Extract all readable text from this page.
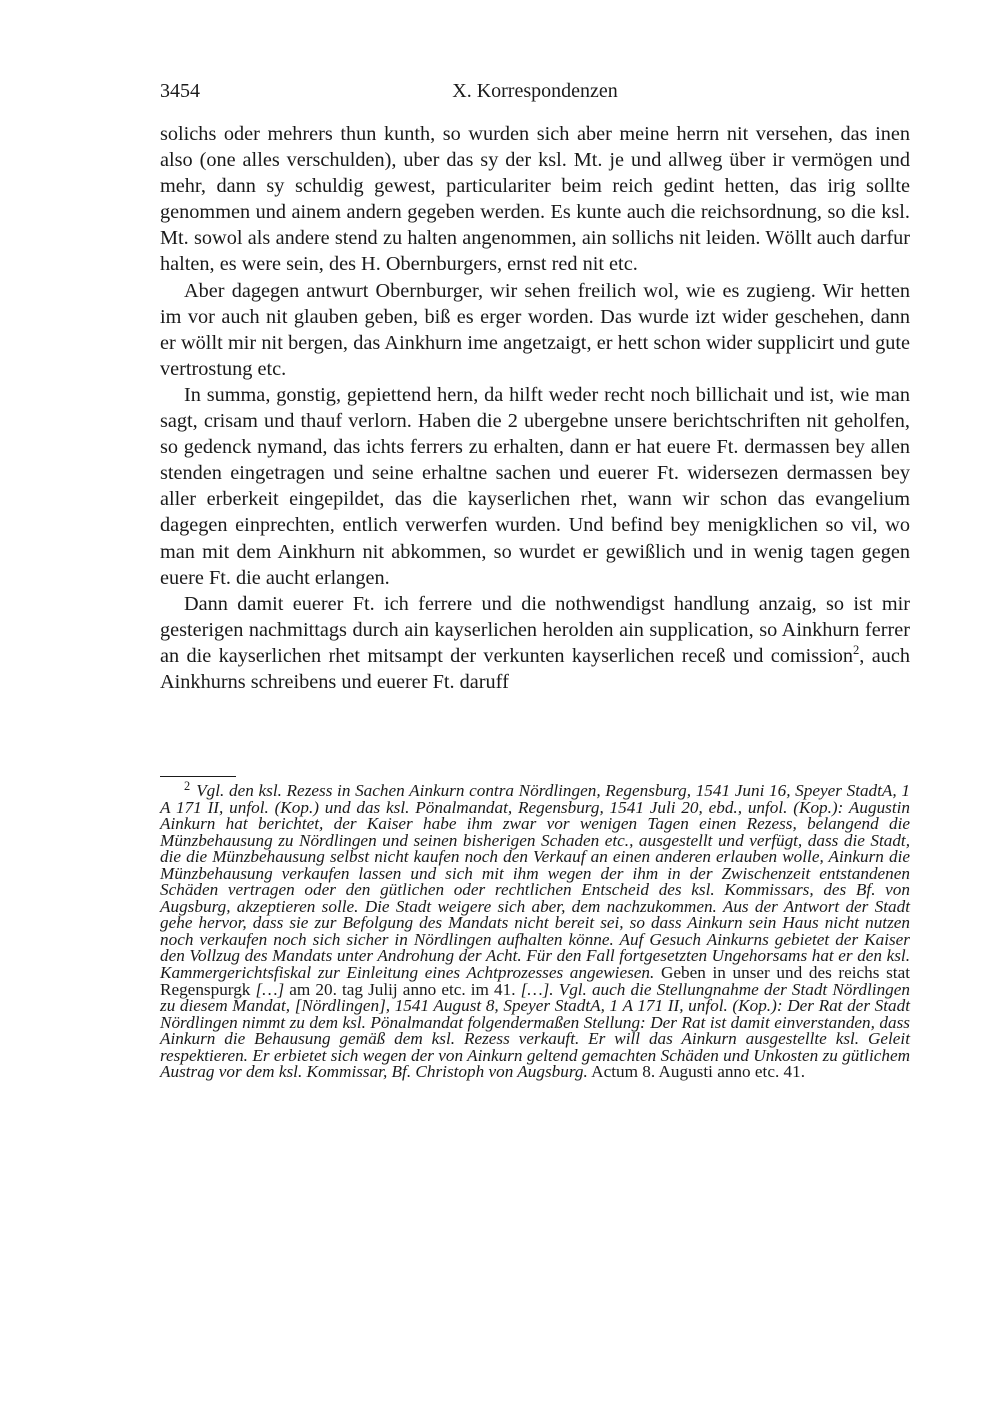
3454	X. Korrespondenzen

solichs oder mehrers thun kunth, so wurden sich aber meine herrn nit versehen, das inen also (one alles verschulden), uber das sy der ksl. Mt. je und allweg über ir vermögen und mehr, dann sy schuldig gewest, particulariter beim reich gedint hetten, das irig sollte genommen und ainem andern gegeben werden. Es kunte auch die reichsordnung, so die ksl. Mt. sowol als andere stend zu halten angenommen, ain sollichs nit leiden. Wöllt auch darfur halten, es were sein, des H. Obernburgers, ernst red nit etc.

Aber dagegen antwurt Obernburger, wir sehen freilich wol, wie es zugieng. Wir hetten im vor auch nit glauben geben, biß es erger worden. Das wurde izt wider geschehen, dann er wöllt mir nit bergen, das Ainkhurn ime angetzaigt, er hett schon wider supplicirt und gute vertrostung etc.

In summa, gonstig, gepiettend hern, da hilft weder recht noch billichait und ist, wie man sagt, crisam und thauf verlorn. Haben die 2 ubergebne unsere berichtschriften nit geholfen, so gedenck nymand, das ichts ferrers zu erhalten, dann er hat euere Ft. dermassen bey allen stenden eingetragen und seine erhaltne sachen und euerer Ft. widersezen dermassen bey aller erberkeit eingepildet, das die kayserlichen rhet, wann wir schon das evangelium dagegen einprechten, entlich verwerfen wurden. Und befind bey menigklichen so vil, wo man mit dem Ainkhurn nit abkommen, so wurdet er gewißlich und in wenig tagen gegen euere Ft. die aucht erlangen.

Dann damit euerer Ft. ich ferrere und die nothwendigst handlung anzaig, so ist mir gesterigen nachmittags durch ain kayserlichen herolden ain supplication, so Ainkhurn ferrer an die kayserlichen rhet mitsampt der verkunten kayserlichen receß und comission$^2$, auch Ainkhurns schreibens und euerer Ft. daruff

$^2$ Vgl. den ksl. Rezess in Sachen Ainkurn contra Nördlingen, Regensburg, 1541 Juni 16, Speyer StadtA, 1 A 171 II, unfol. (Kop.) und das ksl. Pönalmandat, Regensburg, 1541 Juli 20, ebd., unfol. (Kop.): Augustin Ainkurn hat berichtet, der Kaiser habe ihm zwar vor wenigen Tagen einen Rezess, belangend die Münzbehausung zu Nördlingen und seinen bisherigen Schaden etc., ausgestellt und verfügt, dass die Stadt, die die Münzbehausung selbst nicht kaufen noch den Verkauf an einen anderen erlauben wolle, Ainkurn die Münzbehausung verkaufen lassen und sich mit ihm wegen der ihm in der Zwischenzeit entstandenen Schäden vertragen oder den gütlichen oder rechtlichen Entscheid des ksl. Kommissars, des Bf. von Augsburg, akzeptieren solle. Die Stadt weigere sich aber, dem nachzukommen. Aus der Antwort der Stadt gehe hervor, dass sie zur Befolgung des Mandats nicht bereit sei, so dass Ainkurn sein Haus nicht nutzen noch verkaufen noch sich sicher in Nördlingen aufhalten könne. Auf Gesuch Ainkurns gebietet der Kaiser den Vollzug des Mandats unter Androhung der Acht. Für den Fall fortgesetzten Ungehorsams hat er den ksl. Kammergerichtsfiskal zur Einleitung eines Achtprozesses angewiesen. Geben in unser und des reichs stat Regenspurgk […] am 20. tag Julij anno etc. im 41. […]. Vgl. auch die Stellungnahme der Stadt Nördlingen zu diesem Mandat, [Nördlingen], 1541 August 8, Speyer StadtA, 1 A 171 II, unfol. (Kop.): Der Rat der Stadt Nördlingen nimmt zu dem ksl. Pönalmandat folgendermaßen Stellung: Der Rat ist damit einverstanden, dass Ainkurn die Behausung gemäß dem ksl. Rezess verkauft. Er will das Ainkurn ausgestellte ksl. Geleit respektieren. Er erbietet sich wegen der von Ainkurn geltend gemachten Schäden und Unkosten zu gütlichem Austrag vor dem ksl. Kommissar, Bf. Christoph von Augsburg. Actum 8. Augusti anno etc. 41.
